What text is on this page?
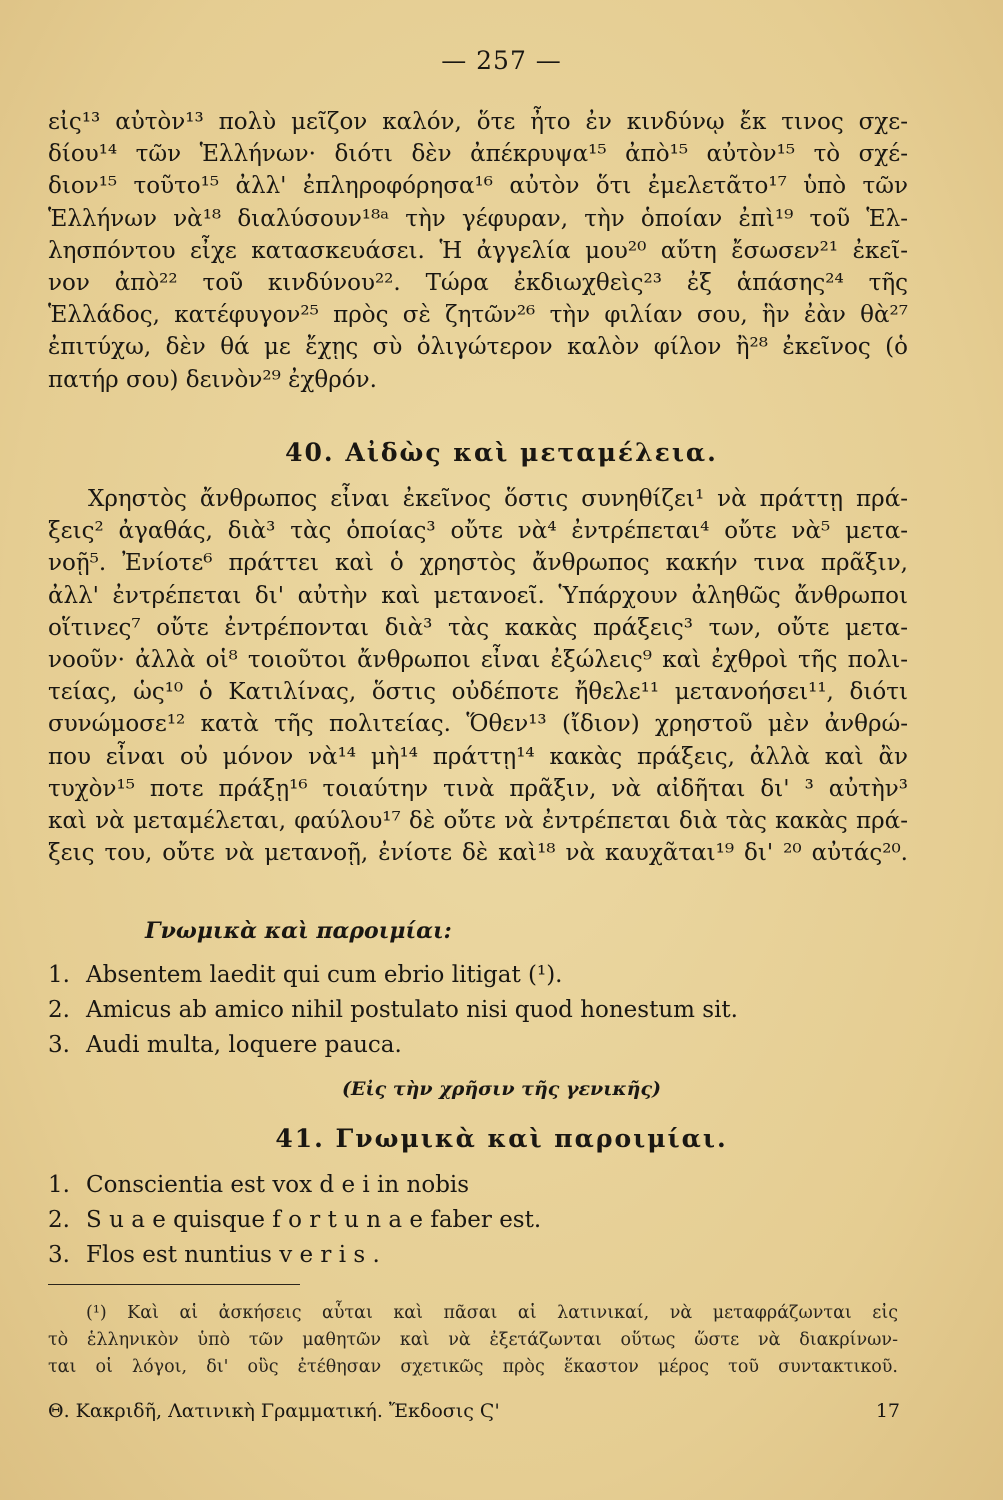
— 257 —
εἰς¹³ αὐτὸν¹³ πολὺ μεῖζον καλόν, ὅτε ἦτο ἐν κινδύνῳ ἔκ τινος σχε-
δίου¹⁴ τῶν Ἑλλήνων· διότι δὲν ἀπέκρυψα¹⁵ ἀπὸ¹⁵ αὐτὸν¹⁵ τὸ σχέ-
διον¹⁵ τοῦτο¹⁵ ἀλλ' ἐπληροφόρησα¹⁶ αὐτὸν ὅτι ἐμελετᾶτο¹⁷ ὑπὸ τῶν
Ἑλλήνων νὰ¹⁸ διαλύσουν¹⁸ᵃ τὴν γέφυραν, τὴν ὁποίαν ἐπὶ¹⁹ τοῦ Ἑλ-
λησπόντου εἶχε κατασκευάσει. Ἡ ἀγγελία μου²⁰ αὕτη ἔσωσεν²¹ ἐκεῖ-
νον ἀπὸ²² τοῦ κινδύνου²². Τώρα ἐκδιωχθεὶς²³ ἐξ ἁπάσης²⁴ τῆς
Ἑλλάδος, κατέφυγον²⁵ πρὸς σὲ ζητῶν²⁶ τὴν φιλίαν σου, ἣν ἐὰν θὰ²⁷
ἐπιτύχω, δὲν θά με ἔχῃς σὺ ὀλιγώτερον καλὸν φίλον ἢ²⁸ ἐκεῖνος (ὁ
πατήρ σου) δεινὸν²⁹ ἐχθρόν.
40. Αἰδὼς καὶ μεταμέλεια.
Χρηστὸς ἄνθρωπος εἶναι ἐκεῖνος ὅστις συνηθίζει¹ νὰ πράττῃ πρά-
ξεις² ἀγαθάς, διὰ³ τὰς ὁποίας³ οὔτε νὰ⁴ ἐντρέπεται⁴ οὔτε νὰ⁵ μετα-
νοῇ⁵. Ἐνίοτε⁶ πράττει καὶ ὁ χρηστὸς ἄνθρωπος κακήν τινα πρᾶξιν,
ἀλλ' ἐντρέπεται δι' αὐτὴν καὶ μετανοεῖ. Ὑπάρχουν ἀληθῶς ἄνθρωποι
οἵτινες⁷ οὔτε ἐντρέπονται διὰ³ τὰς κακὰς πράξεις³ των, οὔτε μετα-
νοοῦν· ἀλλὰ οἱ⁸ τοιοῦτοι ἄνθρωποι εἶναι ἐξώλεις⁹ καὶ ἐχθροὶ τῆς πολι-
τείας, ὡς¹⁰ ὁ Κατιλίνας, ὅστις οὐδέποτε ἤθελε¹¹ μετανοήσει¹¹, διότι
συνώμοσε¹² κατὰ τῆς πολιτείας. Ὅθεν¹³ (ἴδιον) χρηστοῦ μὲν ἀνθρώ-
που εἶναι οὐ μόνον νὰ¹⁴ μὴ¹⁴ πράττῃ¹⁴ κακὰς πράξεις, ἀλλὰ καὶ ἂν
τυχὸν¹⁵ ποτε πράξῃ¹⁶ τοιαύτην τινὰ πρᾶξιν, νὰ αἰδῆται δι' ³ αὐτὴν³
καὶ νὰ μεταμέλεται, φαύλου¹⁷ δὲ οὔτε νὰ ἐντρέπεται διὰ τὰς κακὰς πρά-
ξεις του, οὔτε νὰ μετανοῇ, ἐνίοτε δὲ καὶ¹⁸ νὰ καυχᾶται¹⁹ δι' ²⁰ αὐτάς²⁰.
Γνωμικὰ καὶ παροιμίαι:
1. Absentem laedit qui cum ebrio litigat (¹).
2. Amicus ab amico nihil postulato nisi quod honestum sit.
3. Audi multa, loquere pauca.
(Εἰς τὴν χρῆσιν τῆς γενικῆς)
41. Γνωμικὰ καὶ παροιμίαι.
1. Conscientia est vox d e i in nobis
2. S u a e quisque f o r t u n a e faber est.
3. Flos est nuntius v e r i s .
(¹) Καὶ αἱ ἀσκήσεις αὗται καὶ πᾶσαι αἱ λατινικαί, νὰ μεταφράζωνται εἰς
τὸ ἑλληνικὸν ὑπὸ τῶν μαθητῶν καὶ νὰ ἐξετάζωνται οὕτως ὥστε νὰ διακρίνων-
ται οἱ λόγοι, δι' οὓς ἐτέθησαν σχετικῶς πρὸς ἕκαστον μέρος τοῦ συντακτικοῦ.
Θ. Κακριδῆ, Λατινικὴ Γραμματική. Ἔκδοσις Ϛ'	17
